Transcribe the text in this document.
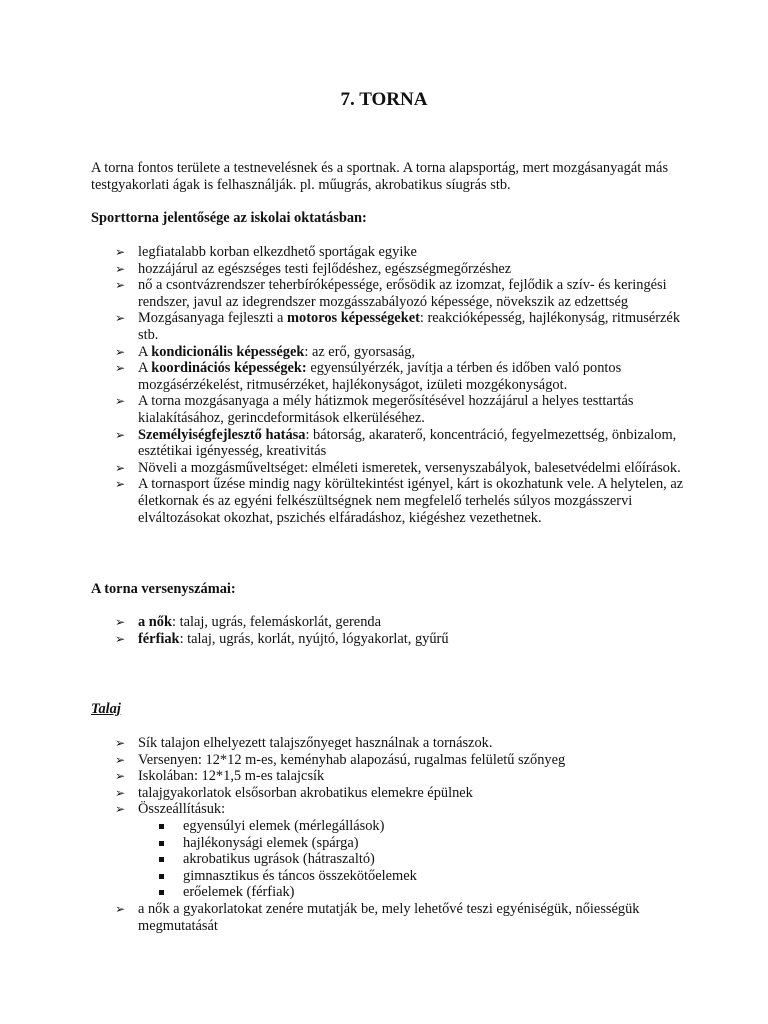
7. TORNA
A torna fontos területe a testnevelésnek és a sportnak. A torna alapsportág, mert mozgásanyagát más testgyakorlati ágak is felhasználják. pl. műugrás, akrobatikus síugrás stb.
Sporttorna jelentősége az iskolai oktatásban:
➢ legfiatalabb korban elkezdhető sportágak egyike
➢ hozzájárul az egészséges testi fejlődéshez, egészségmegőrzéshez
➢ nő a csontvázrendszer teherbíróképessége, erősödik az izomzat, fejlődik a szív- és keringési rendszer, javul az idegrendszer mozgásszabályozó képessége, növekszik az edzettség
➢ Mozgásanyaga fejleszti a motoros képességeket: reakcióképesség, hajlékonyság, ritmusérzék stb.
➢ A kondicionális képességek: az erő, gyorsaság,
➢ A koordinációs képességek: egyensúlyérzék, javítja a térben és időben való pontos mozgásérzékelést, ritmusérzéket, hajlékonyságot, izületi mozgékonyságot.
➢ A torna mozgásanyaga a mély hátizmok megerősítésével hozzájárul a helyes testtartás kialakításához, gerincdeformitások elkerüléséhez.
➢ Személyiségfejlesztő hatása: bátorság, akaraterő, koncentráció, fegyelmezettség, önbizalom, esztétikai igényesség, kreativitás
➢ Növeli a mozgásműveltséget: elméleti ismeretek, versenyszabályok, balesetvédelmi előírások.
➢ A tornasport űzése mindig nagy körültekintést igényel, kárt is okozhatunk vele. A helytelen, az életkornak és az egyéni felkészültségnek nem megfelelő terhelés súlyos mozgásszervi elváltozásokat okozhat, pszichés elfáradáshoz, kiégéshez vezethetnek.
A torna versenyszámai:
➢ a nők: talaj, ugrás, felemáskorlát, gerenda
➢ férfiak: talaj, ugrás, korlát, nyújtó, lógyakorlat, gyűrű
Talaj
➢ Sík talajon elhelyezett talajszőnyeget használnak a tornászok.
➢ Versenyen: 12*12 m-es, keményhab alapozású, rugalmas felületű szőnyeg
➢ Iskolában: 12*1,5 m-es talajcsík
➢ talajgyakorlatok elsősorban akrobatikus elemekre épülnek
➢ Összeállításuk:
egyensúlyi elemek (mérlegállások)
hajlékonysági elemek (spárga)
akrobatikus ugrások (hátraszaltó)
gimnasztikus és táncos összekötőelemek
erőelemek (férfiak)
➢ a nők a gyakorlatokat zenére mutatják be, mely lehetővé teszi egyéniségük, nőiességük megmutatását
